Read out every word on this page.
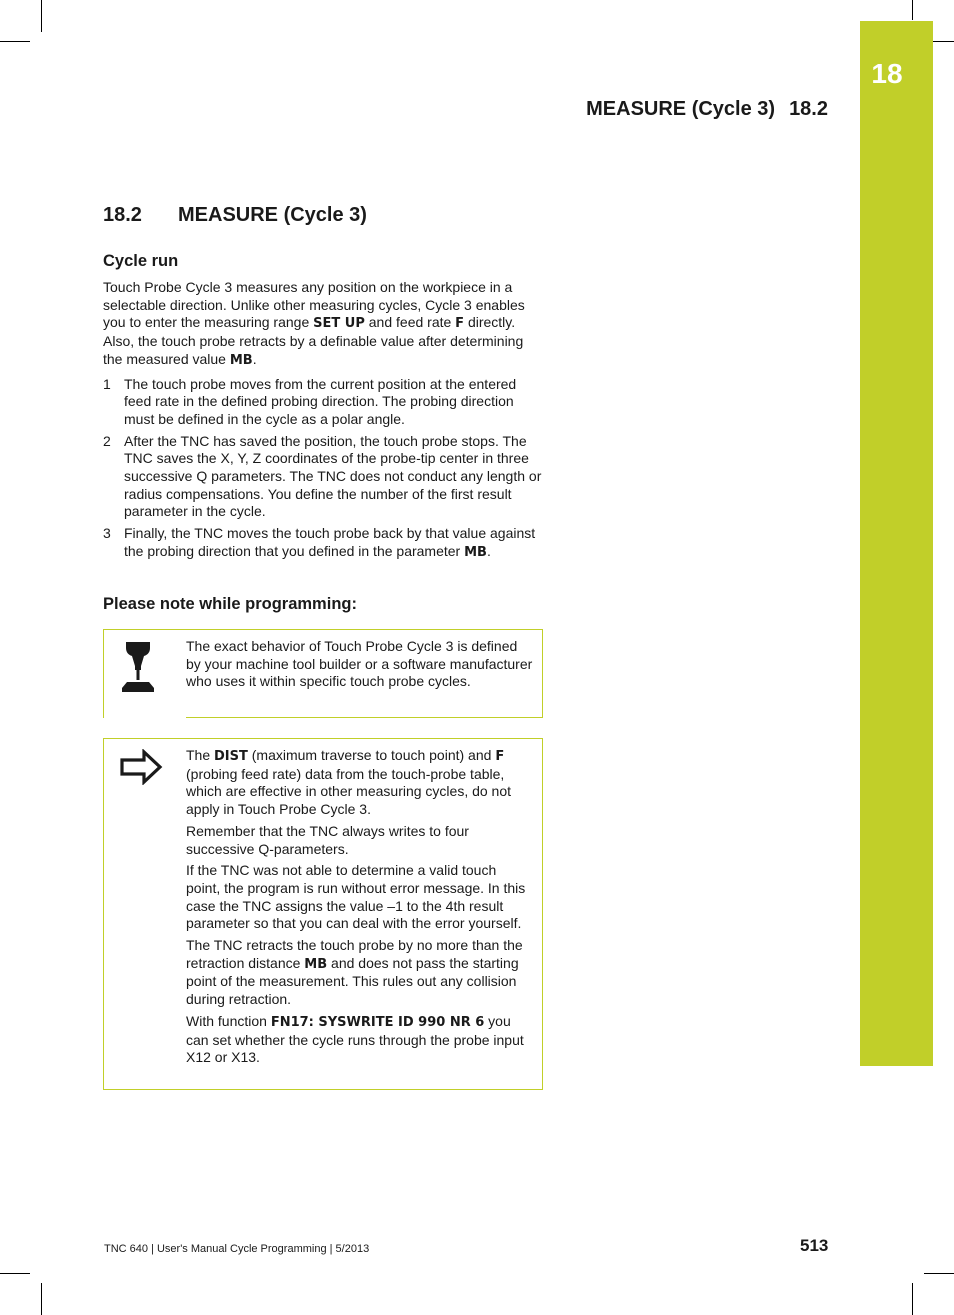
18
MEASURE (Cycle 3) 18.2
18.2 MEASURE (Cycle 3)
Cycle run

Touch Probe Cycle 3 measures any position on the workpiece in a selectable direction. Unlike other measuring cycles, Cycle 3 enables you to enter the measuring range SET UP and feed rate F directly. Also, the touch probe retracts by a definable value after determining the measured value MB.

1 The touch probe moves from the current position at the entered feed rate in the defined probing direction. The probing direction must be defined in the cycle as a polar angle.
2 After the TNC has saved the position, the touch probe stops. The TNC saves the X, Y, Z coordinates of the probe-tip center in three successive Q parameters. The TNC does not conduct any length or radius compensations. You define the number of the first result parameter in the cycle.
3 Finally, the TNC moves the touch probe back by that value against the probing direction that you defined in the parameter MB.
Please note while programming:

The exact behavior of Touch Probe Cycle 3 is defined by your machine tool builder or a software manufacturer who uses it within specific touch probe cycles.

The DIST (maximum traverse to touch point) and F (probing feed rate) data from the touch-probe table, which are effective in other measuring cycles, do not apply in Touch Probe Cycle 3.

Remember that the TNC always writes to four successive Q-parameters.

If the TNC was not able to determine a valid touch point, the program is run without error message. In this case the TNC assigns the value –1 to the 4th result parameter so that you can deal with the error yourself.

The TNC retracts the touch probe by no more than the retraction distance MB and does not pass the starting point of the measurement. This rules out any collision during retraction.

With function FN17: SYSWRITE ID 990 NR 6 you can set whether the cycle runs through the probe input X12 or X13.

TNC 640 | User's Manual Cycle Programming | 5/2013	513
